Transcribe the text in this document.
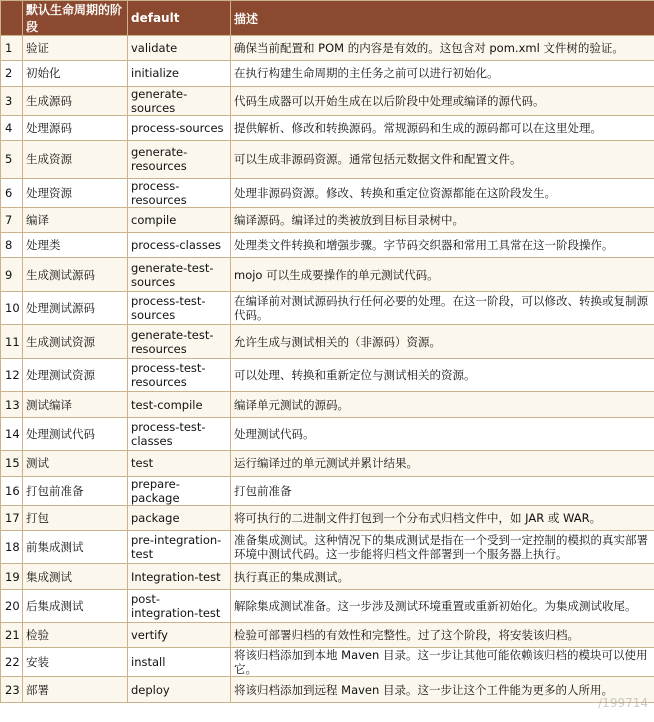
	默认生命周期的阶段	default	描述
1	验证	validate	确保当前配置和 POM 的内容是有效的。这包含对 pom.xml 文件树的验证。
2	初始化	initialize	在执行构建生命周期的主任务之前可以进行初始化。
3	生成源码	generate-sources	代码生成器可以开始生成在以后阶段中处理或编译的源代码。
4	处理源码	process-sources	提供解析、修改和转换源码。常规源码和生成的源码都可以在这里处理。
5	生成资源	generate-resources	可以生成非源码资源。通常包括元数据文件和配置文件。
6	处理资源	process-resources	处理非源码资源。修改、转换和重定位资源都能在这阶段发生。
7	编译	compile	编译源码。编译过的类被放到目标目录树中。
8	处理类	process-classes	处理类文件转换和增强步骤。字节码交织器和常用工具常在这一阶段操作。
9	生成测试源码	generate-test-sources	mojo 可以生成要操作的单元测试代码。
10	处理测试源码	process-test-sources	在编译前对测试源码执行任何必要的处理。在这一阶段，可以修改、转换或复制源代码。
11	生成测试资源	generate-test-resources	允许生成与测试相关的（非源码）资源。
12	处理测试资源	process-test-resources	可以处理、转换和重新定位与测试相关的资源。
13	测试编译	test-compile	编译单元测试的源码。
14	处理测试代码	process-test-classes	处理测试代码。
15	测试	test	运行编译过的单元测试并累计结果。
16	打包前准备	prepare-package	打包前准备
17	打包	package	将可执行的二进制文件打包到一个分布式归档文件中，如 JAR 或 WAR。
18	前集成测试	pre-integration-test	准备集成测试。这种情况下的集成测试是指在一个受到一定控制的模拟的真实部署环境中测试代码。这一步能将归档文件部署到一个服务器上执行。
19	集成测试	Integration-test	执行真正的集成测试。
20	后集成测试	post-integration-test	解除集成测试准备。这一步涉及测试环境重置或重新初始化。为集成测试收尾。
21	检验	vertify	检验可部署归档的有效性和完整性。过了这个阶段，将安装该归档。
22	安装	install	将该归档添加到本地 Maven 目录。这一步让其他可能依赖该归档的模块可以使用它。
23	部署	deploy	将该归档添加到远程 Maven 目录。这一步让这个工件能为更多的人所用。
/199714
